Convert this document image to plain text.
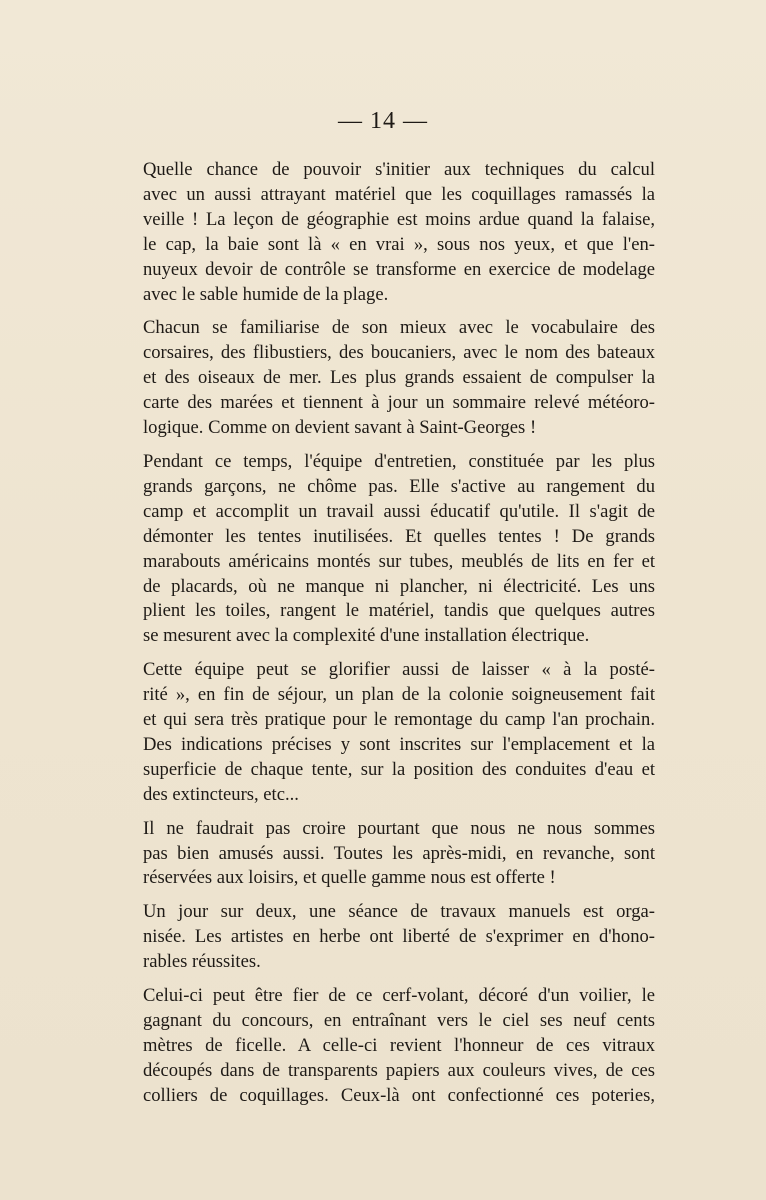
— 14 —

Quelle chance de pouvoir s'initier aux techniques du calcul
avec un aussi attrayant matériel que les coquillages ramassés la
veille ! La leçon de géographie est moins ardue quand la falaise,
le cap, la baie sont là « en vrai », sous nos yeux, et que l'en-
nuyeux devoir de contrôle se transforme en exercice de modelage
avec le sable humide de la plage.

Chacun se familiarise de son mieux avec le vocabulaire des
corsaires, des flibustiers, des boucaniers, avec le nom des bateaux
et des oiseaux de mer. Les plus grands essaient de compulser la
carte des marées et tiennent à jour un sommaire relevé météoro-
logique. Comme on devient savant à Saint-Georges !

Pendant ce temps, l'équipe d'entretien, constituée par les plus
grands garçons, ne chôme pas. Elle s'active au rangement du
camp et accomplit un travail aussi éducatif qu'utile. Il s'agit de
démonter les tentes inutilisées. Et quelles tentes ! De grands
marabouts américains montés sur tubes, meublés de lits en fer et
de placards, où ne manque ni plancher, ni électricité. Les uns
plient les toiles, rangent le matériel, tandis que quelques autres
se mesurent avec la complexité d'une installation électrique.

Cette équipe peut se glorifier aussi de laisser « à la posté-
rité », en fin de séjour, un plan de la colonie soigneusement fait
et qui sera très pratique pour le remontage du camp l'an prochain.
Des indications précises y sont inscrites sur l'emplacement et la
superficie de chaque tente, sur la position des conduites d'eau et
des extincteurs, etc...

Il ne faudrait pas croire pourtant que nous ne nous sommes
pas bien amusés aussi. Toutes les après-midi, en revanche, sont
réservées aux loisirs, et quelle gamme nous est offerte !

Un jour sur deux, une séance de travaux manuels est orga-
nisée. Les artistes en herbe ont liberté de s'exprimer en d'hono-
rables réussites.

Celui-ci peut être fier de ce cerf-volant, décoré d'un voilier, le
gagnant du concours, en entraînant vers le ciel ses neuf cents
mètres de ficelle. A celle-ci revient l'honneur de ces vitraux
découpés dans de transparents papiers aux couleurs vives, de ces
colliers de coquillages. Ceux-là ont confectionné ces poteries,
